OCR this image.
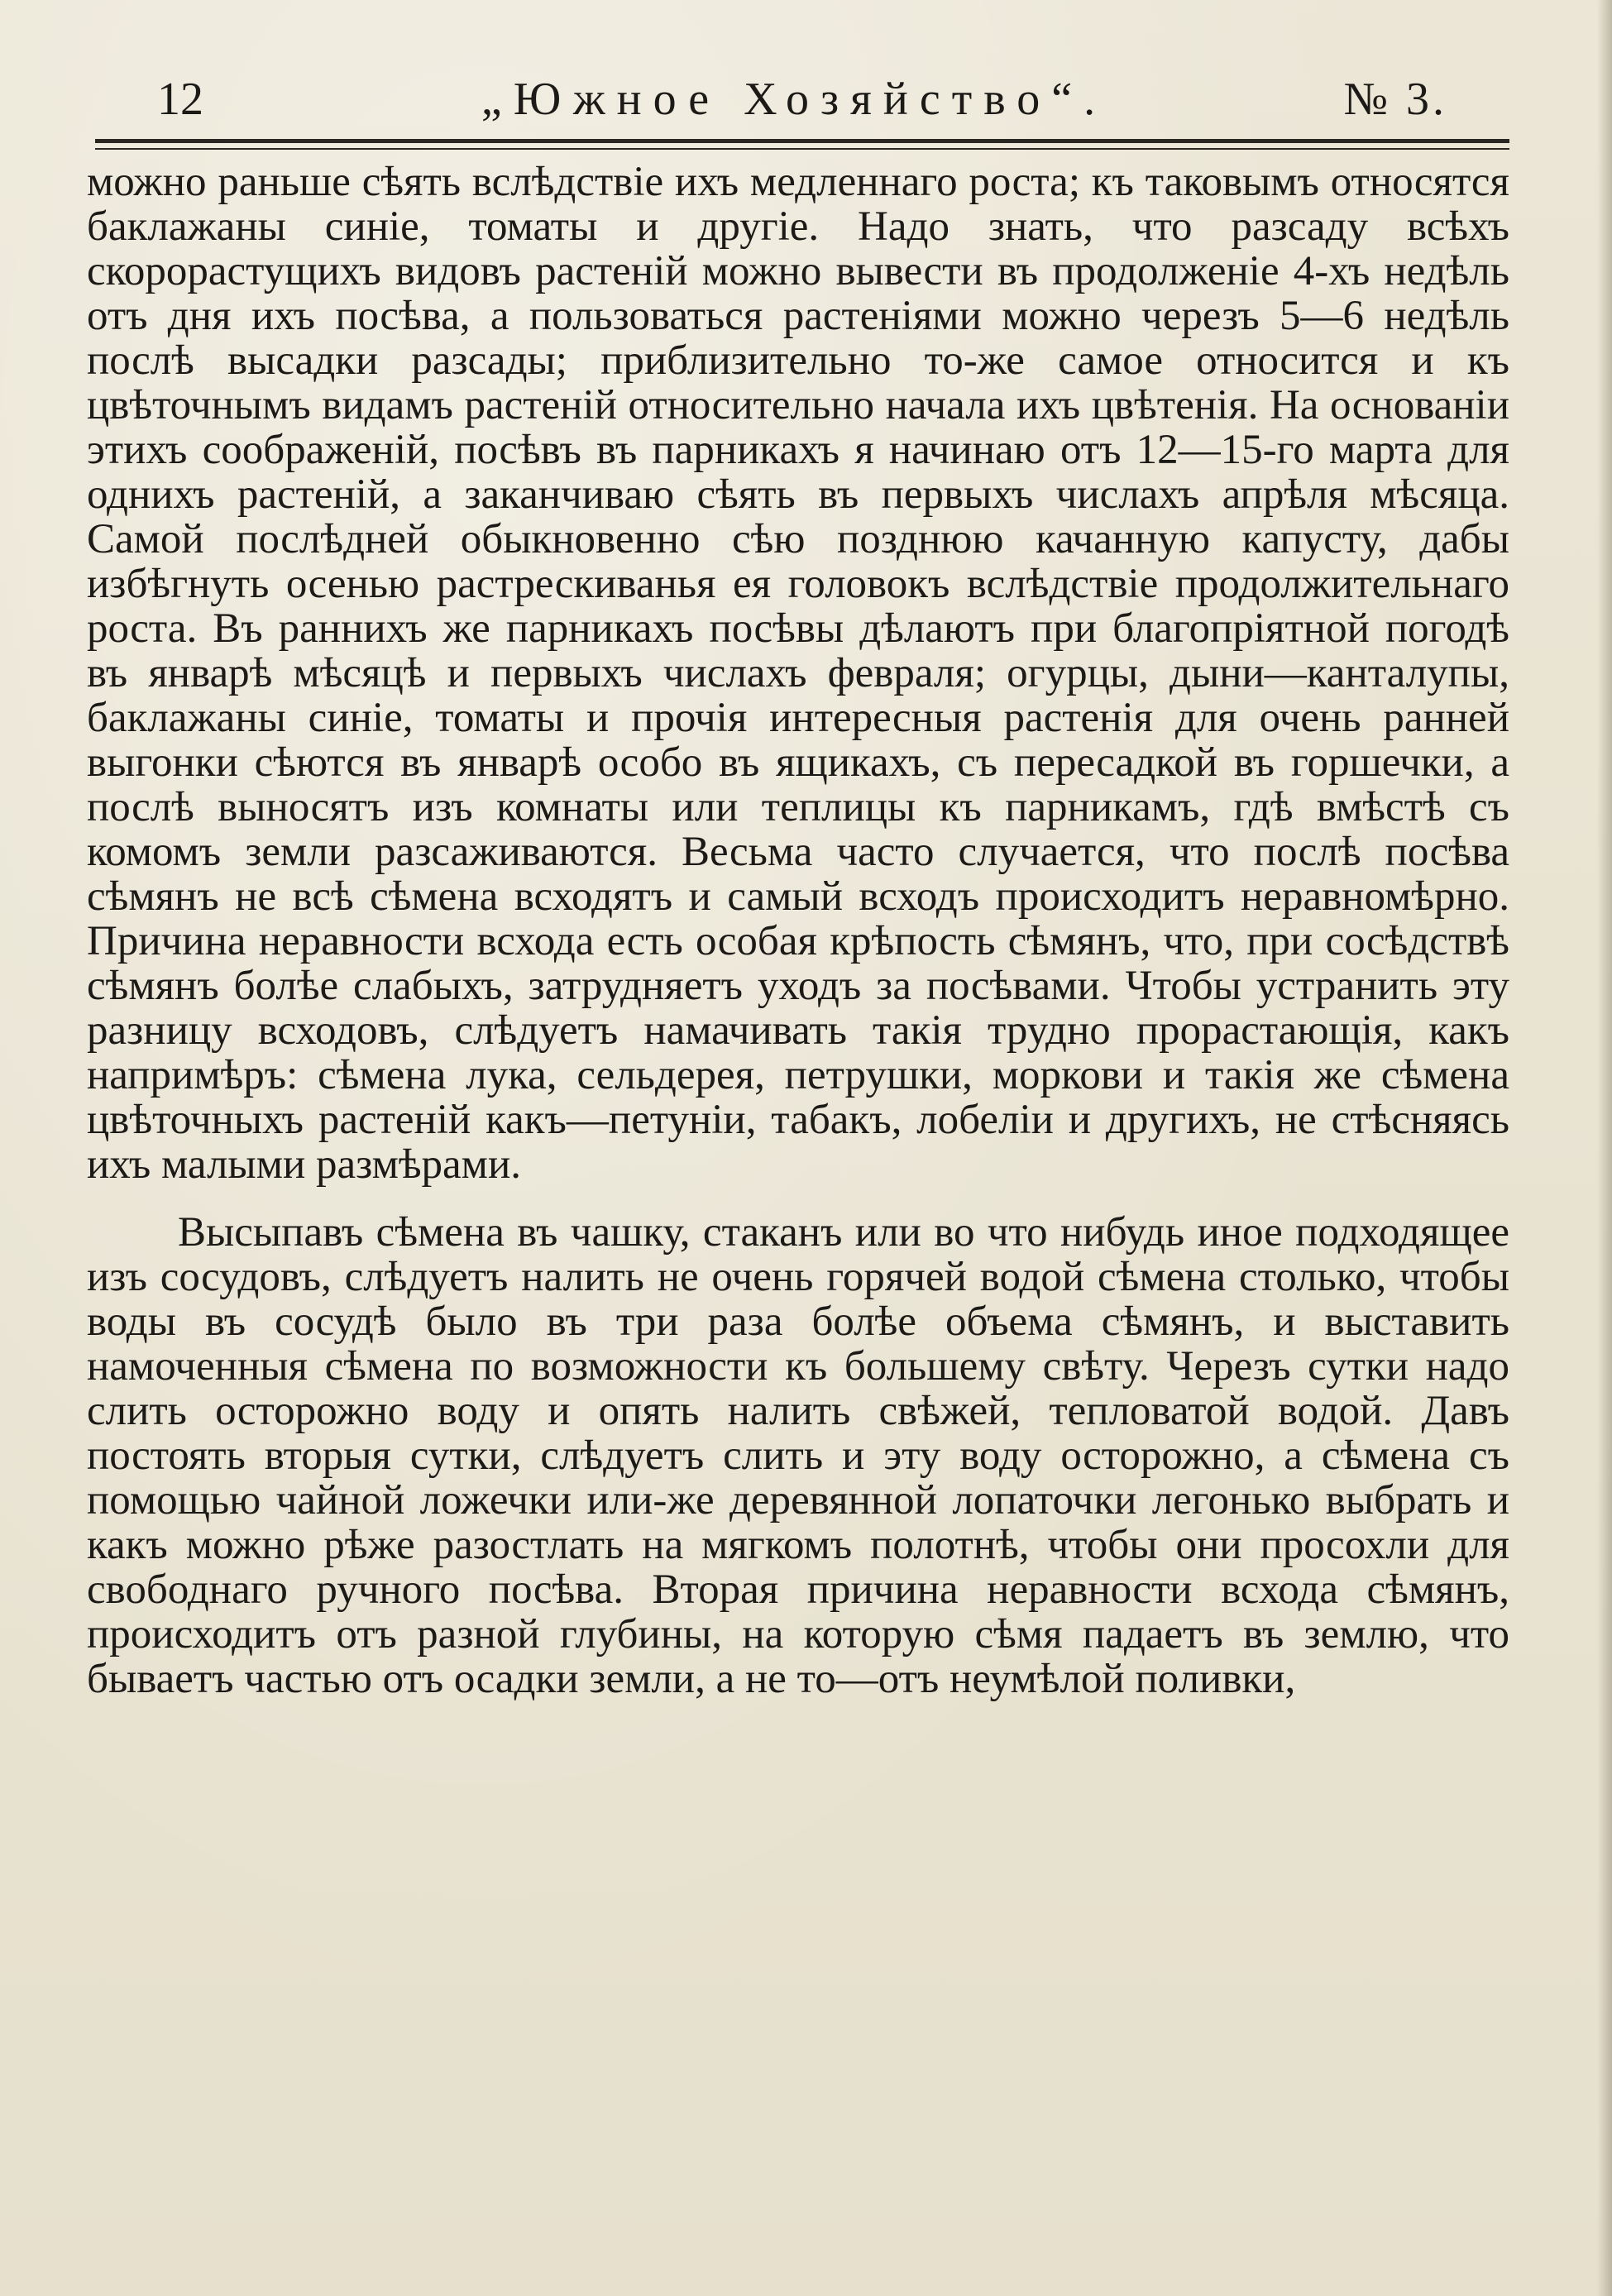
12	„Южное Хозяйство“.	№ 3.

можно раньше сѣять вслѣдствіе ихъ медленнаго роста; къ таковымъ относятся баклажаны синіе, томаты и другіе. Надо знать, что разсаду всѣхъ скорорастущихъ видовъ растеній можно вывести въ продолженіе 4-хъ недѣль отъ дня ихъ посѣва, а пользоваться растеніями можно черезъ 5—6 недѣль послѣ высадки разсады; приблизительно то-же самое относится и къ цвѣточнымъ видамъ растеній относительно начала ихъ цвѣтенія. На основаніи этихъ соображеній, посѣвъ въ парникахъ я начинаю отъ 12—15-го марта для однихъ растеній, а заканчиваю сѣять въ первыхъ числахъ апрѣля мѣсяца. Самой послѣдней обыкновенно сѣю позднюю качанную капусту, дабы избѣгнуть осенью растрескиванья ея головокъ вслѣдствіе продолжительнаго роста. Въ раннихъ же парникахъ посѣвы дѣлаютъ при благопріятной погодѣ въ январѣ мѣсяцѣ и первыхъ числахъ февраля; огурцы, дыни—канталупы, баклажаны синіе, томаты и прочія интересныя растенія для очень ранней выгонки сѣются въ январѣ особо въ ящикахъ, съ пересадкой въ горшечки, а послѣ выносятъ изъ комнаты или теплицы къ парникамъ, гдѣ вмѣстѣ съ комомъ земли разсаживаются. Весьма часто случается, что послѣ посѣва сѣмянъ не всѣ сѣмена всходятъ и самый всходъ происходитъ неравномѣрно. Причина неравности всхода есть особая крѣпость сѣмянъ, что, при сосѣдствѣ сѣмянъ болѣе слабыхъ, затрудняетъ уходъ за посѣвами. Чтобы устранить эту разницу всходовъ, слѣдуетъ намачивать такія трудно прорастающія, какъ напримѣръ: сѣмена лука, сельдерея, петрушки, моркови и такія же сѣмена цвѣточныхъ растеній какъ—петуніи, табакъ, лобеліи и другихъ, не стѣсняясь ихъ малыми размѣрами.

Высыпавъ сѣмена въ чашку, стаканъ или во что нибудь иное подходящее изъ сосудовъ, слѣдуетъ налить не очень горячей водой сѣмена столько, чтобы воды въ сосудѣ было въ три раза болѣе объема сѣмянъ, и выставить намоченныя сѣмена по возможности къ большему свѣту. Черезъ сутки надо слить осторожно воду и опять налить свѣжей, тепловатой водой. Давъ постоять вторыя сутки, слѣдуетъ слить и эту воду осторожно, а сѣмена съ помощью чайной ложечки или-же деревянной лопаточки легонько выбрать и какъ можно рѣже разостлать на мягкомъ полотнѣ, чтобы они просохли для свободнаго ручного посѣва. Вторая причина неравности всхода сѣмянъ, происходитъ отъ разной глубины, на которую сѣмя падаетъ въ землю, что бываетъ частью отъ осадки земли, а не то—отъ неумѣлой поливки,
